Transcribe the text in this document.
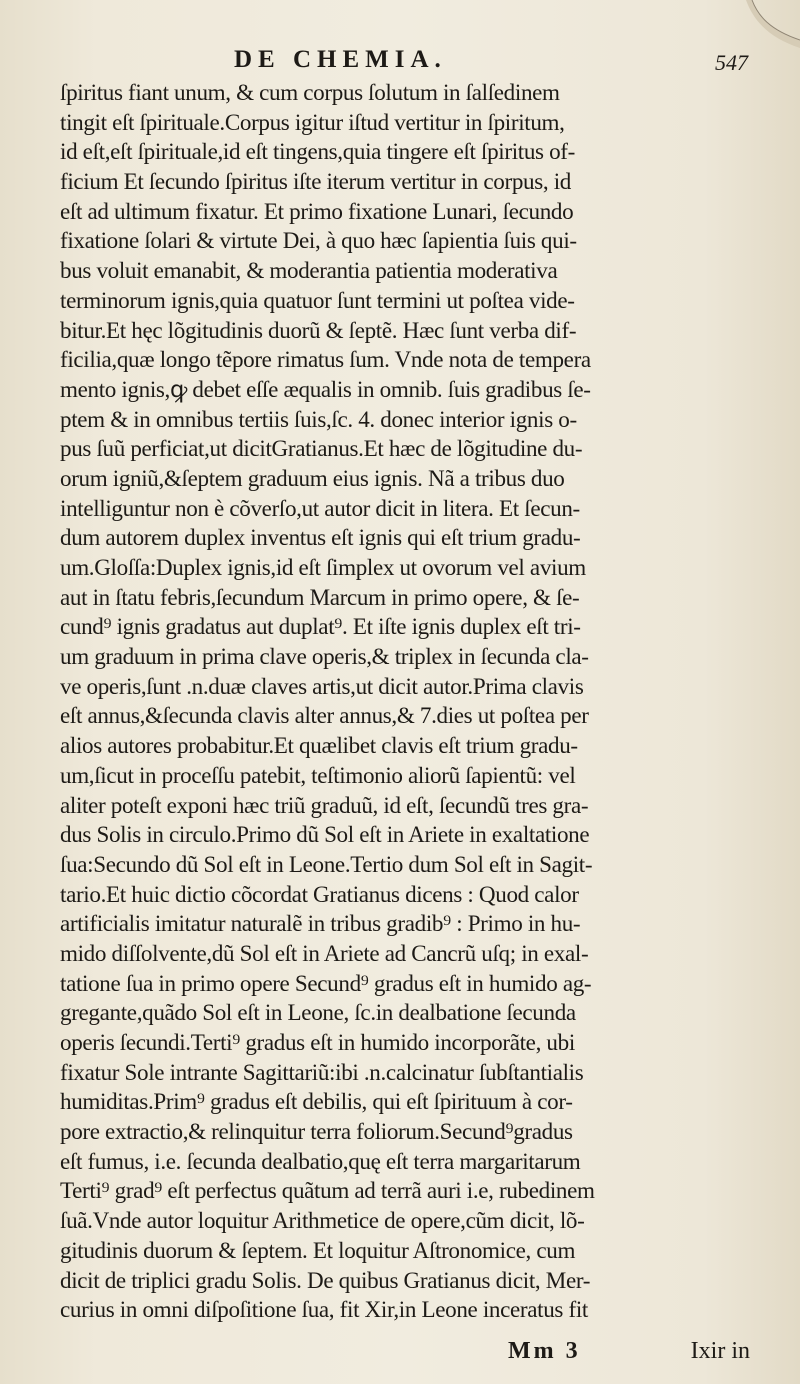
DE CHEMIA.	547
ſpiritus fiant unum, & cum corpus ſolutum in ſalſedinem
tingit eſt ſpirituale.Corpus igitur iſtud vertitur in ſpiritum,
id eſt,eſt ſpirituale,id eſt tingens,quia tingere eſt ſpiritus of-
ficium Et ſecundo ſpiritus iſte iterum vertitur in corpus, id
eſt ad ultimum fixatur. Et primo fixatione Lunari, ſecundo
fixatione ſolari & virtute Dei, à quo hæc ſapientia ſuis qui-
bus voluit emanabit, & moderantia patientia moderativa
terminorum ignis,quia quatuor ſunt termini ut poſtea vide-
bitur.Et hęc lõgitudinis duorũ & ſeptẽ. Hæc ſunt verba dif-
ficilia,quæ longo tẽpore rimatus ſum. Vnde nota de tempera
mento ignis,ꝙ debet eſſe æqualis in omnib. ſuis gradibus ſe-
ptem & in omnibus tertiis ſuis,ſc. 4. donec interior ignis o-
pus ſuũ perficiat,ut dicitGratianus.Et hæc de lõgitudine du-
orum igniũ,&ſeptem graduum eius ignis. Nã a tribus duo
intelliguntur non è cõverſo,ut autor dicit in litera. Et ſecun-
dum autorem duplex inventus eſt ignis qui eſt trium gradu-
um.Gloſſa:Duplex ignis,id eſt ſimplex ut ovorum vel avium
aut in ſtatu febris,ſecundum Marcum in primo opere, & ſe-
cund⁹ ignis gradatus aut duplat⁹. Et iſte ignis duplex eſt tri-
um graduum in prima clave operis,& triplex in ſecunda cla-
ve operis,ſunt .n.duæ claves artis,ut dicit autor.Prima clavis
eſt annus,&ſecunda clavis alter annus,& 7.dies ut poſtea per
alios autores probabitur.Et quælibet clavis eſt trium gradu-
um,ſicut in proceſſu patebit, teſtimonio aliorũ ſapientũ: vel
aliter poteſt exponi hæc triũ graduũ, id eſt, ſecundũ tres gra-
dus Solis in circulo.Primo dũ Sol eſt in Ariete in exaltatione
ſua:Secundo dũ Sol eſt in Leone.Tertio dum Sol eſt in Sagit-
tario.Et huic dictio cõcordat Gratianus dicens : Quod calor
artificialis imitatur naturalẽ in tribus gradib⁹ : Primo in hu-
mido diſſolvente,dũ Sol eſt in Ariete ad Cancrũ uſq; in exal-
tatione ſua in primo opere Secund⁹ gradus eſt in humido ag-
gregante,quãdo Sol eſt in Leone, ſc.in dealbatione ſecunda
operis ſecundi.Terti⁹ gradus eſt in humido incorporãte, ubi
fixatur Sole intrante Sagittariũ:ibi .n.calcinatur ſubſtantialis
humiditas.Prim⁹ gradus eſt debilis, qui eſt ſpirituum à cor-
pore extractio,& relinquitur terra foliorum.Secund⁹gradus
eſt fumus, i.e. ſecunda dealbatio,quę eſt terra margaritarum
Terti⁹ grad⁹ eſt perfectus quãtum ad terrã auri i.e, rubedinem
ſuã.Vnde autor loquitur Arithmetice de opere,cũm dicit, lõ-
gitudinis duorum & ſeptem. Et loquitur Aſtronomice, cum
dicit de triplici gradu Solis. De quibus Gratianus dicit, Mer-
curius in omni diſpoſitione ſua, fit Xir,in Leone inceratus fit
Mm 3	Ixir in
